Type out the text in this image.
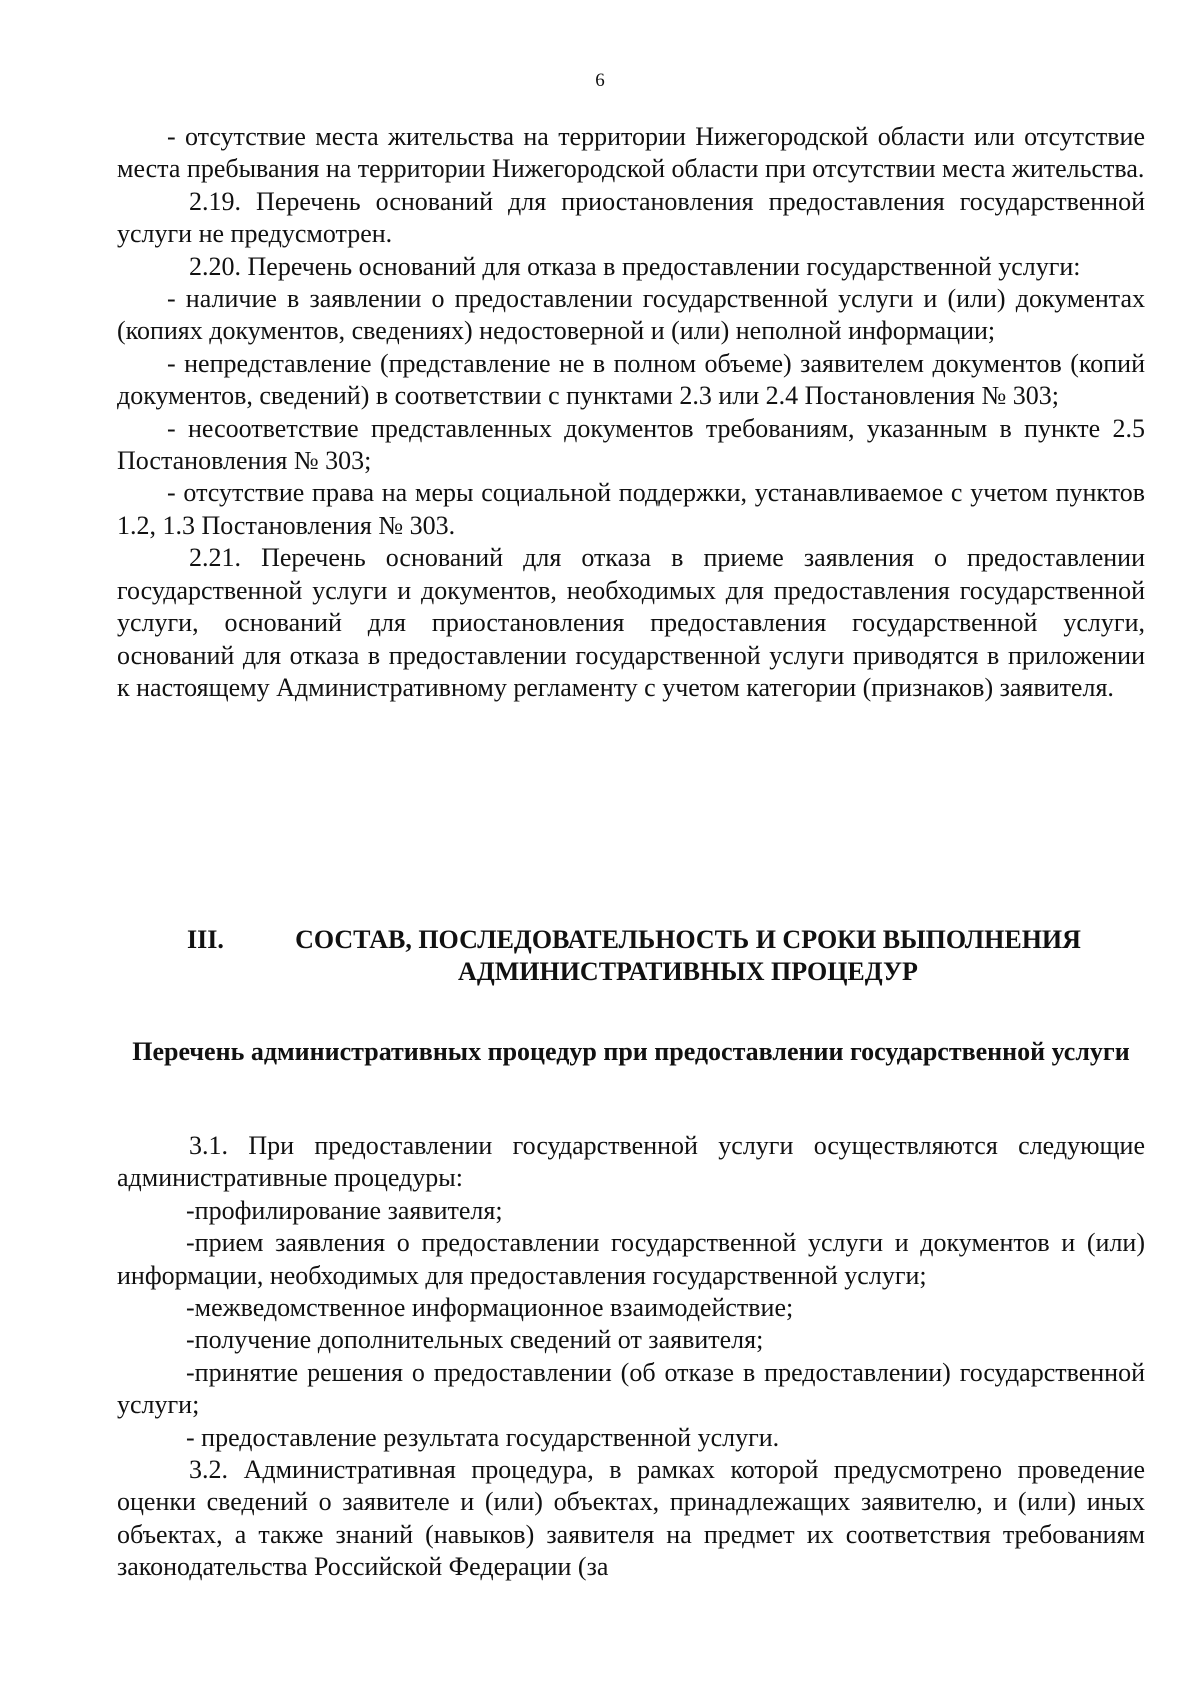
6

- отсутствие места жительства на территории Нижегородской области или отсутствие места пребывания на территории Нижегородской области при отсутствии места жительства.

2.19. Перечень оснований для приостановления предоставления государственной услуги не предусмотрен.

2.20. Перечень оснований для отказа в предоставлении государственной услуги:

- наличие в заявлении о предоставлении государственной услуги и (или) документах (копиях документов, сведениях) недостоверной и (или) неполной информации;

- непредставление (представление не в полном объеме) заявителем документов (копий документов, сведений) в соответствии с пунктами 2.3 или 2.4 Постановления № 303;

- несоответствие представленных документов требованиям, указанным в пункте 2.5 Постановления № 303;

- отсутствие права на меры социальной поддержки, устанавливаемое с учетом пунктов 1.2, 1.3 Постановления № 303.

2.21. Перечень оснований для отказа в приеме заявления о предоставлении государственной услуги и документов, необходимых для предоставления государственной услуги, оснований для приостановления предоставления государственной услуги, оснований для отказа в предоставлении государственной услуги приводятся в приложении к настоящему Административному регламенту с учетом категории (признаков) заявителя.

III.	СОСТАВ, ПОСЛЕДОВАТЕЛЬНОСТЬ И СРОКИ ВЫПОЛНЕНИЯ АДМИНИСТРАТИВНЫХ ПРОЦЕДУР
Перечень административных процедур при предоставлении государственной услуги

3.1. При предоставлении государственной услуги осуществляются следующие административные процедуры:

-профилирование заявителя;

-прием заявления о предоставлении государственной услуги и документов и (или) информации, необходимых для предоставления государственной услуги;

-межведомственное информационное взаимодействие;

-получение дополнительных сведений от заявителя;

-принятие решения о предоставлении (об отказе в предоставлении) государственной услуги;

- предоставление результата государственной услуги.

3.2. Административная процедура, в рамках которой предусмотрено проведение оценки сведений о заявителе и (или) объектах, принадлежащих заявителю, и (или) иных объектах, а также знаний (навыков) заявителя на предмет их соответствия требованиям законодательства Российской Федерации (за
